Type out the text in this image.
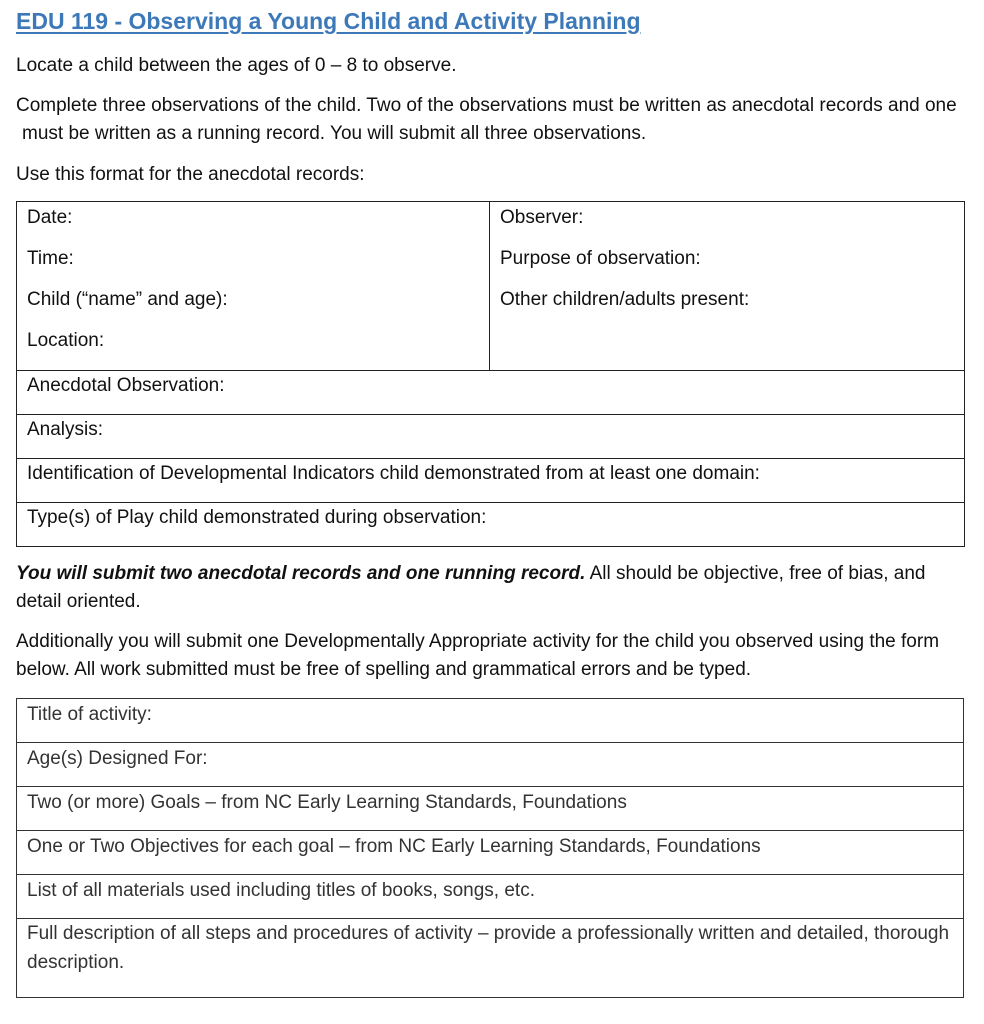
EDU 119 - Observing a Young Child and Activity Planning

Locate a child between the ages of 0 – 8 to observe.

Complete three observations of the child. Two of the observations must be written as anecdotal records and one must be written as a running record. You will submit all three observations.

Use this format for the anecdotal records:

Date:
Time:
Child (“name” and age):
Location:

Observer:
Purpose of observation:
Other children/adults present:

Anecdotal Observation:
Analysis:
Identification of Developmental Indicators child demonstrated from at least one domain:
Type(s) of Play child demonstrated during observation:

You will submit two anecdotal records and one running record. All should be objective, free of bias, and detail oriented.

Additionally you will submit one Developmentally Appropriate activity for the child you observed using the form below. All work submitted must be free of spelling and grammatical errors and be typed.

Title of activity:
Age(s) Designed For:
Two (or more) Goals – from NC Early Learning Standards, Foundations
One or Two Objectives for each goal – from NC Early Learning Standards, Foundations
List of all materials used including titles of books, songs, etc.
Full description of all steps and procedures of activity – provide a professionally written and detailed, thorough description.
